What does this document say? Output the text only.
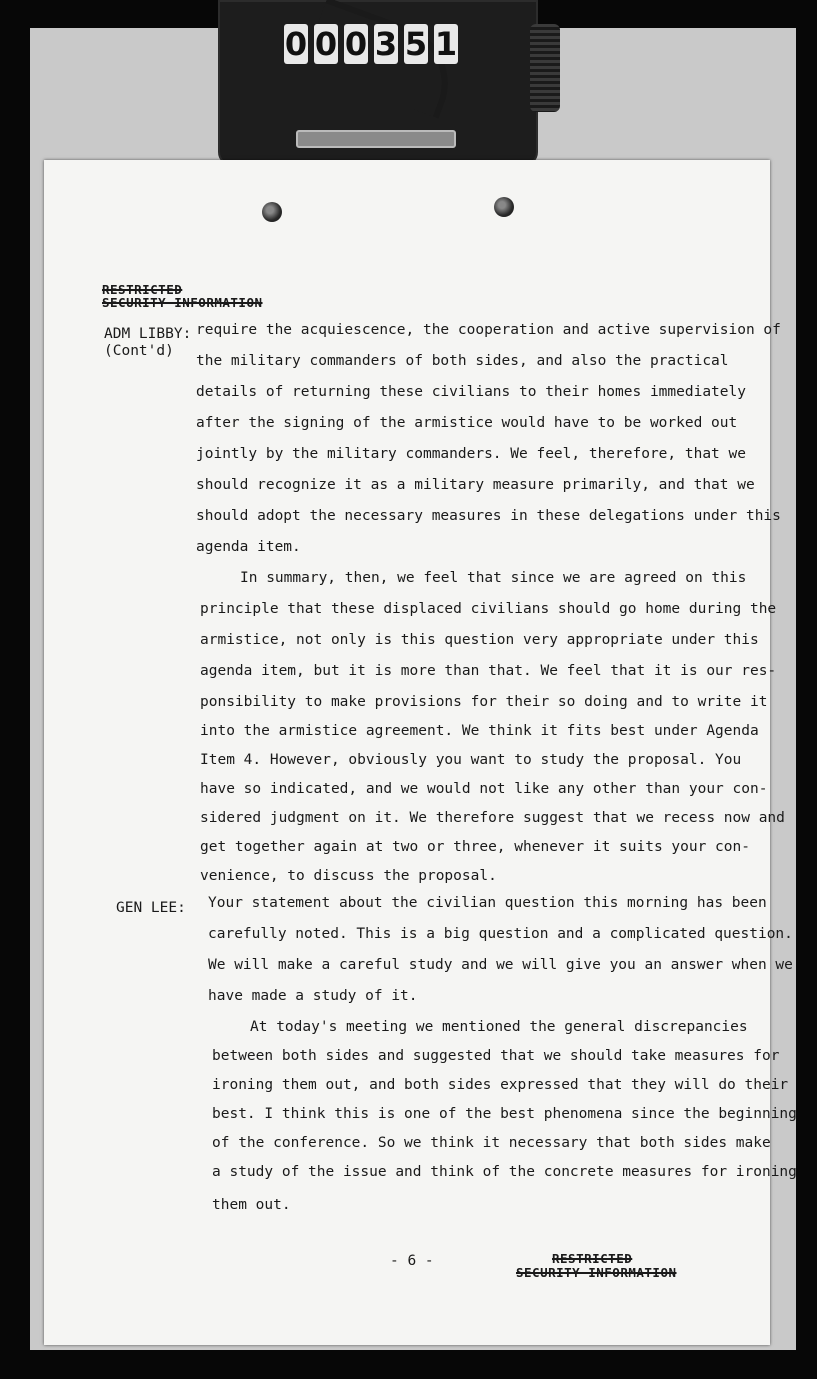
0 0 0 3 5 1
RESTRICTED
SECURITY INFORMATION
ADM LIBBY:
(Cont'd)
require the acquiescence, the cooperation and active supervision of
the military commanders of both sides, and also the practical
details of returning these civilians to their homes immediately
after the signing of the armistice would have to be worked out
jointly by the military commanders. We feel, therefore, that we
should recognize it as a military measure primarily, and that we
should adopt the necessary measures in these delegations under this
agenda item.
In summary, then, we feel that since we are agreed on this
principle that these displaced civilians should go home during the
armistice, not only is this question very appropriate under this
agenda item, but it is more than that. We feel that it is our res-
ponsibility to make provisions for their so doing and to write it
into the armistice agreement. We think it fits best under Agenda
Item 4. However, obviously you want to study the proposal. You
have so indicated, and we would not like any other than your con-
sidered judgment on it. We therefore suggest that we recess now and
get together again at two or three, whenever it suits your con-
venience, to discuss the proposal.
GEN LEE: Your statement about the civilian question this morning has been
carefully noted. This is a big question and a complicated question.
We will make a careful study and we will give you an answer when we
have made a study of it.
At today's meeting we mentioned the general discrepancies
between both sides and suggested that we should take measures for
ironing them out, and both sides expressed that they will do their
best. I think this is one of the best phenomena since the beginning
of the conference. So we think it necessary that both sides make
a study of the issue and think of the concrete measures for ironing
them out.
- 6 -	RESTRICTED
SECURITY INFORMATION
